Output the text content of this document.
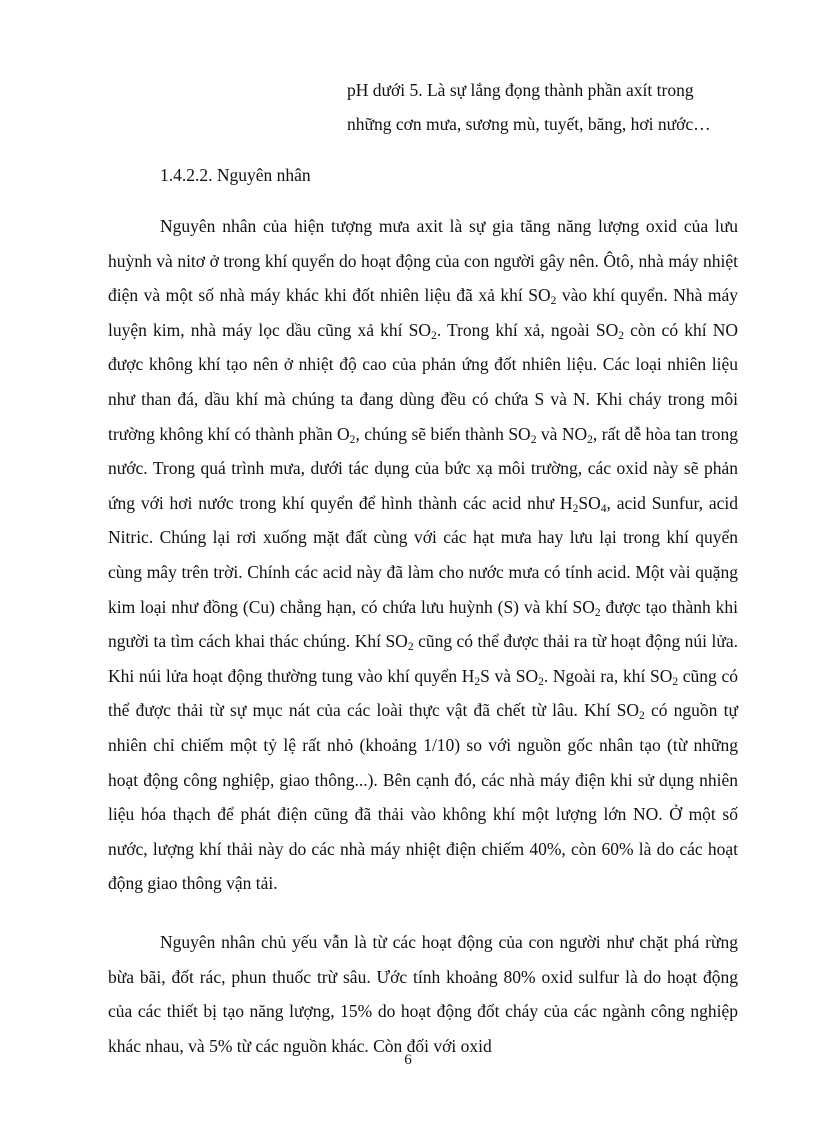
pH dưới 5. Là sự lắng đọng thành phần axít trong
những cơn mưa, sương mù, tuyết, băng, hơi nước…

1.4.2.2. Nguyên nhân

Nguyên nhân của hiện tượng mưa axit là sự gia tăng năng lượng oxid của lưu huỳnh và nitơ ở trong khí quyển do hoạt động của con người gây nên. Ôtô, nhà máy nhiệt điện và một số nhà máy khác khi đốt nhiên liệu đã xả khí $SO_2$ vào khí quyển. Nhà máy luyện kim, nhà máy lọc dầu cũng xả khí $SO_2$. Trong khí xả, ngoài $SO_2$ còn có khí NO được không khí tạo nên ở nhiệt độ cao của phản ứng đốt nhiên liệu. Các loại nhiên liệu như than đá, dầu khí mà chúng ta đang dùng đều có chứa S và N. Khi cháy trong môi trường không khí có thành phần $O_2$, chúng sẽ biến thành $SO_2$ và $NO_2$, rất dễ hòa tan trong nước. Trong quá trình mưa, dưới tác dụng của bức xạ môi trường, các oxid này sẽ phản ứng với hơi nước trong khí quyển để hình thành các acid như $H_2SO_4$, acid Sunfur, acid Nitric. Chúng lại rơi xuống mặt đất cùng với các hạt mưa hay lưu lại trong khí quyển cùng mây trên trời. Chính các acid này đã làm cho nước mưa có tính acid. Một vài quặng kim loại như đồng (Cu) chẳng hạn, có chứa lưu huỳnh (S) và khí $SO_2$ được tạo thành khi người ta tìm cách khai thác chúng. Khí $SO_2$ cũng có thể được thải ra từ hoạt động núi lửa. Khi núi lửa hoạt động thường tung vào khí quyển $H_2S$ và $SO_2$. Ngoài ra, khí $SO_2$ cũng có thể được thải từ sự mục nát của các loài thực vật đã chết từ lâu. Khí $SO_2$ có nguồn tự nhiên chỉ chiếm một tỷ lệ rất nhỏ (khoảng 1/10) so với nguồn gốc nhân tạo (từ những hoạt động công nghiệp, giao thông...). Bên cạnh đó, các nhà máy điện khi sử dụng nhiên liệu hóa thạch để phát điện cũng đã thải vào không khí một lượng lớn NO. Ở một số nước, lượng khí thải này do các nhà máy nhiệt điện chiếm 40%, còn 60% là do các hoạt động giao thông vận tải.

Nguyên nhân chủ yếu vẫn là từ các hoạt động của con người như chặt phá rừng bừa bãi, đốt rác, phun thuốc trừ sâu. Ước tính khoảng 80% oxid sulfur là do hoạt động của các thiết bị tạo năng lượng, 15% do hoạt động đốt cháy của các ngành công nghiệp khác nhau, và 5% từ các nguồn khác. Còn đối với oxid

6
